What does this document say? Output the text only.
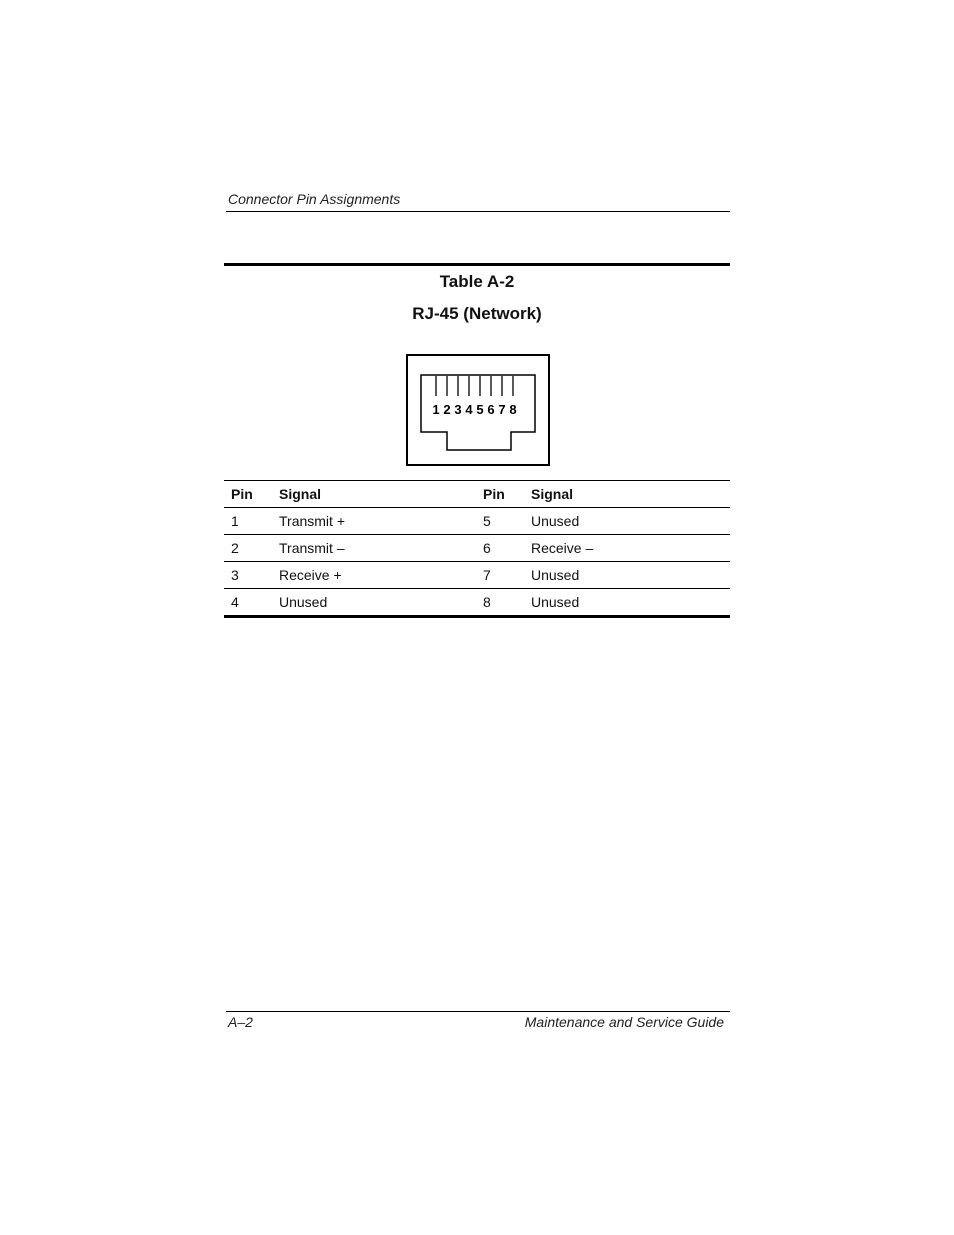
Connector Pin Assignments
Table A-2
RJ-45 (Network)
1 2 3 4 5 6 7 8
Pin	Signal	Pin	Signal
1	Transmit +	5	Unused
2	Transmit –	6	Receive –
3	Receive +	7	Unused
4	Unused	8	Unused
A–2	Maintenance and Service Guide
